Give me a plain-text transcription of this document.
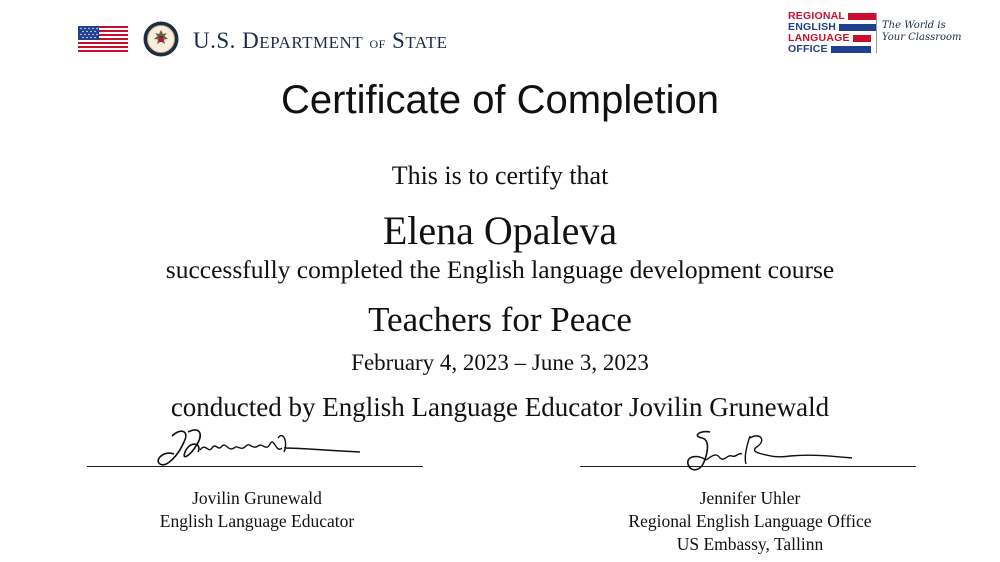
U.S. DEPARTMENT OF STATE
REGIONAL
ENGLISH
LANGUAGE
OFFICE
The World is
Your Classroom
Certificate of Completion
This is to certify that
Elena Opaleva
successfully completed the English language development course
Teachers for Peace
February 4, 2023 – June 3, 2023
conducted by English Language Educator Jovilin Grunewald
Jovilin Grunewald
English Language Educator
Jennifer Uhler
Regional English Language Office
US Embassy, Tallinn
